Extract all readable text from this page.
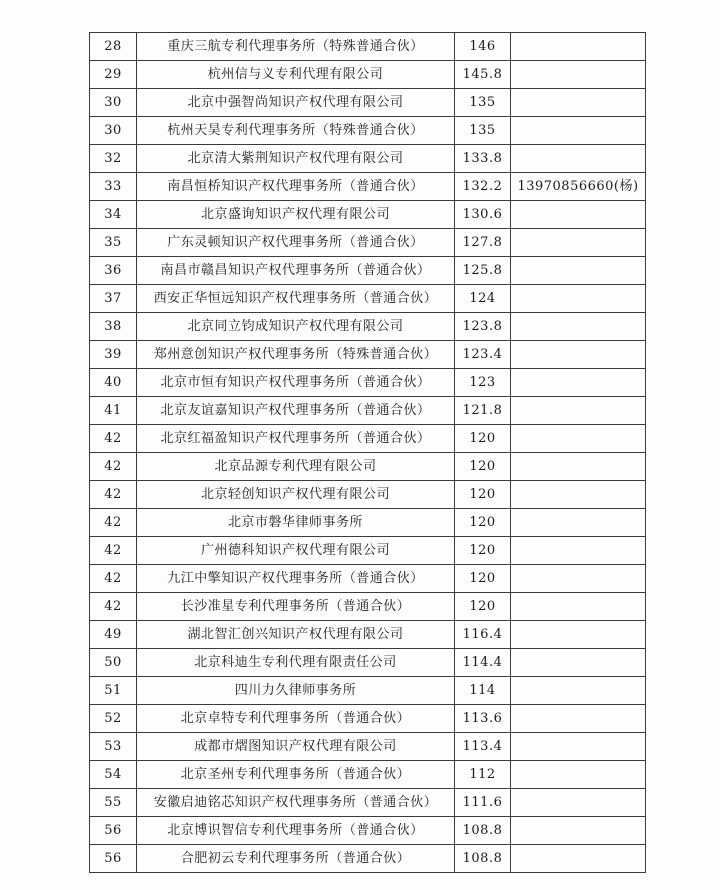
28	重庆三航专利代理事务所（特殊普通合伙）	146	
29	杭州信与义专利代理有限公司	145.8	
30	北京中强智尚知识产权代理有限公司	135	
30	杭州天昊专利代理事务所（特殊普通合伙）	135	
32	北京清大紫荆知识产权代理有限公司	133.8	
33	南昌恒桥知识产权代理事务所（普通合伙）	132.2	13970856660(杨)
34	北京盛询知识产权代理有限公司	130.6	
35	广东灵顿知识产权代理事务所（普通合伙）	127.8	
36	南昌市赣昌知识产权代理事务所（普通合伙）	125.8	
37	西安正华恒远知识产权代理事务所（普通合伙）	124	
38	北京同立钧成知识产权代理有限公司	123.8	
39	郑州意创知识产权代理事务所（特殊普通合伙）	123.4	
40	北京市恒有知识产权代理事务所（普通合伙）	123	
41	北京友谊嘉知识产权代理事务所（普通合伙）	121.8	
42	北京红福盈知识产权代理事务所（普通合伙）	120	
42	北京品源专利代理有限公司	120	
42	北京轻创知识产权代理有限公司	120	
42	北京市磐华律师事务所	120	
42	广州德科知识产权代理有限公司	120	
42	九江中擎知识产权代理事务所（普通合伙）	120	
42	长沙准星专利代理事务所（普通合伙）	120	
49	湖北智汇创兴知识产权代理有限公司	116.4	
50	北京科迪生专利代理有限责任公司	114.4	
51	四川力久律师事务所	114	
52	北京卓特专利代理事务所（普通合伙）	113.6	
53	成都市熠图知识产权代理有限公司	113.4	
54	北京圣州专利代理事务所（普通合伙）	112	
55	安徽启迪铭芯知识产权代理事务所（普通合伙）	111.6	
56	北京博识智信专利代理事务所（普通合伙）	108.8	
56	合肥初云专利代理事务所（普通合伙）	108.8	
